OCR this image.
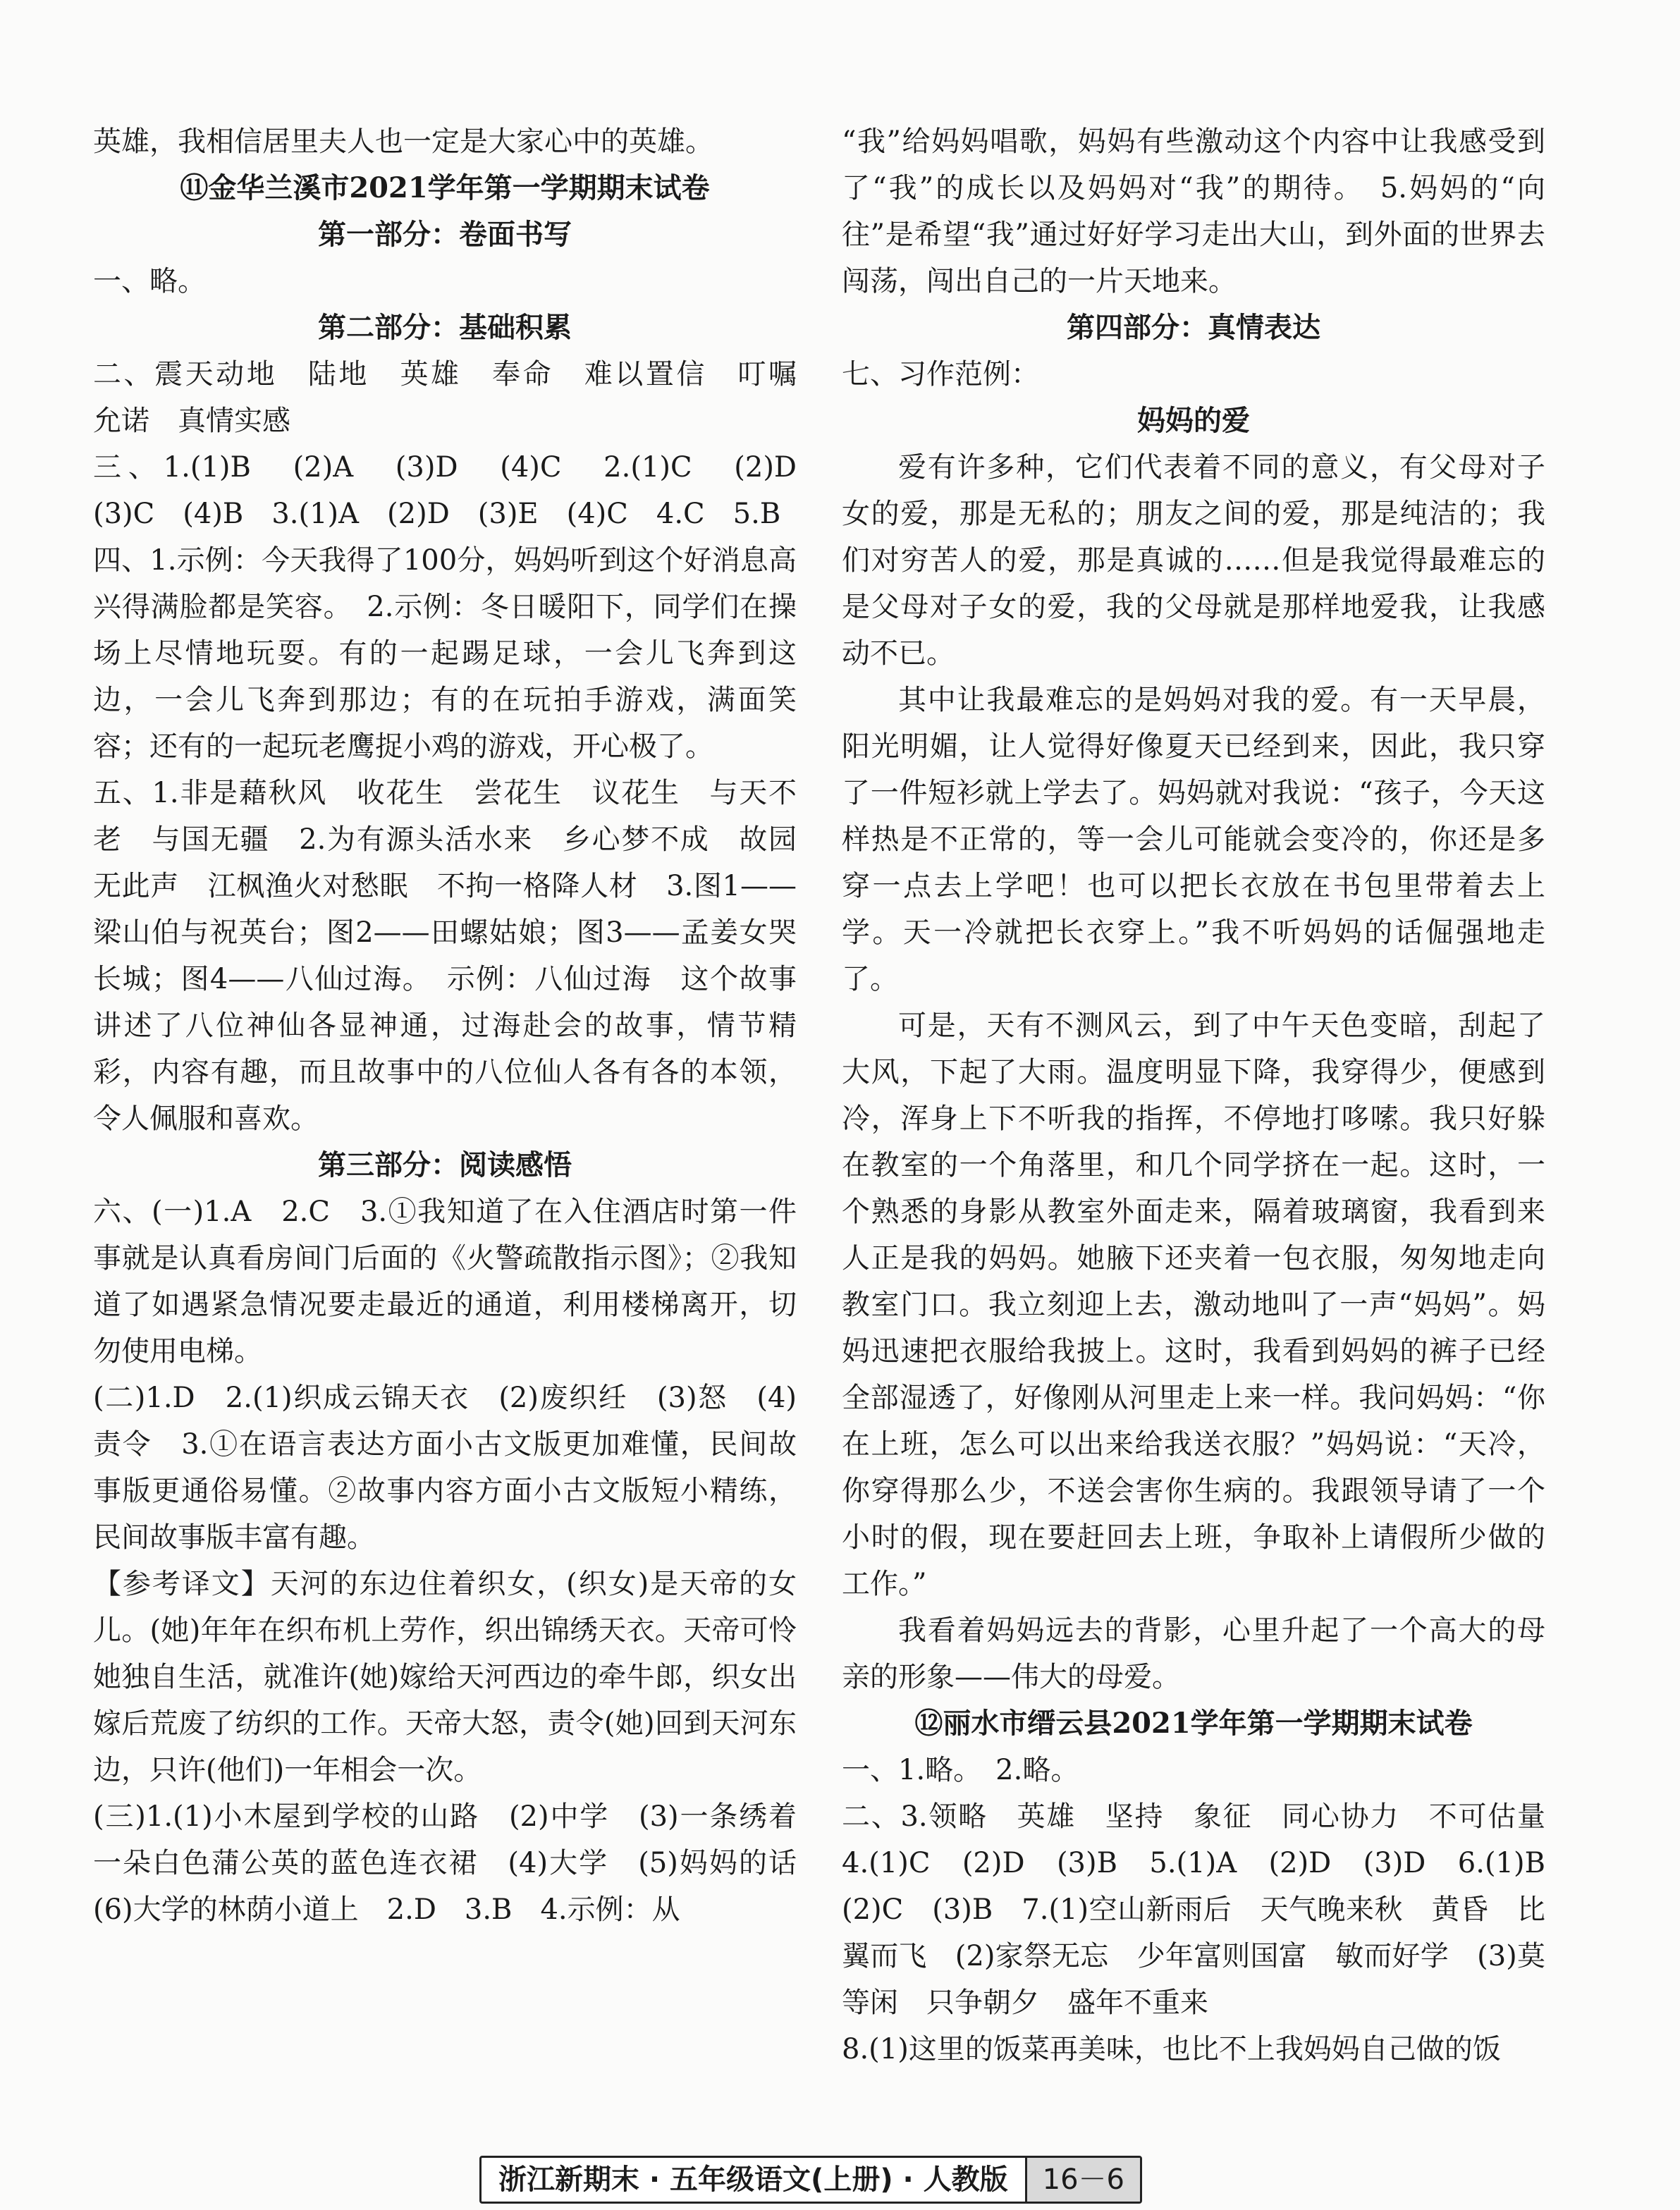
英雄，我相信居里夫人也一定是大家心中的英雄。

⑪金华兰溪市2021学年第一学期期末试卷

第一部分：卷面书写

一、略。

第二部分：基础积累

二、震天动地　陆地　英雄　奉命　难以置信　叮嘱　允诺　真情实感

三、1.(1)B　(2)A　(3)D　(4)C　2.(1)C　(2)D　(3)C　(4)B　3.(1)A　(2)D　(3)E　(4)C　4.C　5.B

四、1.示例：今天我得了100分，妈妈听到这个好消息高兴得满脸都是笑容。　2.示例：冬日暖阳下，同学们在操场上尽情地玩耍。有的一起踢足球，一会儿飞奔到这边，一会儿飞奔到那边；有的在玩拍手游戏，满面笑容；还有的一起玩老鹰捉小鸡的游戏，开心极了。

五、1.非是藉秋风　收花生　尝花生　议花生　与天不老　与国无疆　2.为有源头活水来　乡心梦不成　故园无此声　江枫渔火对愁眠　不拘一格降人材　3.图1——梁山伯与祝英台；图2——田螺姑娘；图3——孟姜女哭长城；图4——八仙过海。　示例：八仙过海　这个故事讲述了八位神仙各显神通，过海赴会的故事，情节精彩，内容有趣，而且故事中的八位仙人各有各的本领，令人佩服和喜欢。

第三部分：阅读感悟

六、(一)1.A　2.C　3.①我知道了在入住酒店时第一件事就是认真看房间门后面的《火警疏散指示图》；②我知道了如遇紧急情况要走最近的通道，利用楼梯离开，切勿使用电梯。

(二)1.D　2.(1)织成云锦天衣　(2)废织纴　(3)怒　(4)责令　3.①在语言表达方面小古文版更加难懂，民间故事版更通俗易懂。②故事内容方面小古文版短小精练，民间故事版丰富有趣。

【参考译文】天河的东边住着织女，(织女)是天帝的女儿。(她)年年在织布机上劳作，织出锦绣天衣。天帝可怜她独自生活，就准许(她)嫁给天河西边的牵牛郎，织女出嫁后荒废了纺织的工作。天帝大怒，责令(她)回到天河东边，只许(他们)一年相会一次。

(三)1.(1)小木屋到学校的山路　(2)中学　(3)一条绣着一朵白色蒲公英的蓝色连衣裙　(4)大学　(5)妈妈的话　(6)大学的林荫小道上　2.D　3.B　4.示例：从

“我”给妈妈唱歌，妈妈有些激动这个内容中让我感受到了“我”的成长以及妈妈对“我”的期待。　5.妈妈的“向往”是希望“我”通过好好学习走出大山，到外面的世界去闯荡，闯出自己的一片天地来。

第四部分：真情表达

七、习作范例：

妈妈的爱

爱有许多种，它们代表着不同的意义，有父母对子女的爱，那是无私的；朋友之间的爱，那是纯洁的；我们对穷苦人的爱，那是真诚的……但是我觉得最难忘的是父母对子女的爱，我的父母就是那样地爱我，让我感动不已。

其中让我最难忘的是妈妈对我的爱。有一天早晨，阳光明媚，让人觉得好像夏天已经到来，因此，我只穿了一件短衫就上学去了。妈妈就对我说：“孩子，今天这样热是不正常的，等一会儿可能就会变冷的，你还是多穿一点去上学吧！也可以把长衣放在书包里带着去上学。天一冷就把长衣穿上。”我不听妈妈的话倔强地走了。

可是，天有不测风云，到了中午天色变暗，刮起了大风，下起了大雨。温度明显下降，我穿得少，便感到冷，浑身上下不听我的指挥，不停地打哆嗦。我只好躲在教室的一个角落里，和几个同学挤在一起。这时，一个熟悉的身影从教室外面走来，隔着玻璃窗，我看到来人正是我的妈妈。她腋下还夹着一包衣服，匆匆地走向教室门口。我立刻迎上去，激动地叫了一声“妈妈”。妈妈迅速把衣服给我披上。这时，我看到妈妈的裤子已经全部湿透了，好像刚从河里走上来一样。我问妈妈：“你在上班，怎么可以出来给我送衣服？”妈妈说：“天冷，你穿得那么少，不送会害你生病的。我跟领导请了一个小时的假，现在要赶回去上班，争取补上请假所少做的工作。”

我看着妈妈远去的背影，心里升起了一个高大的母亲的形象——伟大的母爱。

⑫丽水市缙云县2021学年第一学期期末试卷

一、1.略。　2.略。

二、3.领略　英雄　坚持　象征　同心协力　不可估量　4.(1)C　(2)D　(3)B　5.(1)A　(2)D　(3)D　6.(1)B　(2)C　(3)B　7.(1)空山新雨后　天气晚来秋　黄昏　比翼而飞　(2)家祭无忘　少年富则国富　敏而好学　(3)莫等闲　只争朝夕　盛年不重来

8.(1)这里的饭菜再美味，也比不上我妈妈自己做的饭

浙江新期末 · 五年级语文(上册) · 人教版	16－6
